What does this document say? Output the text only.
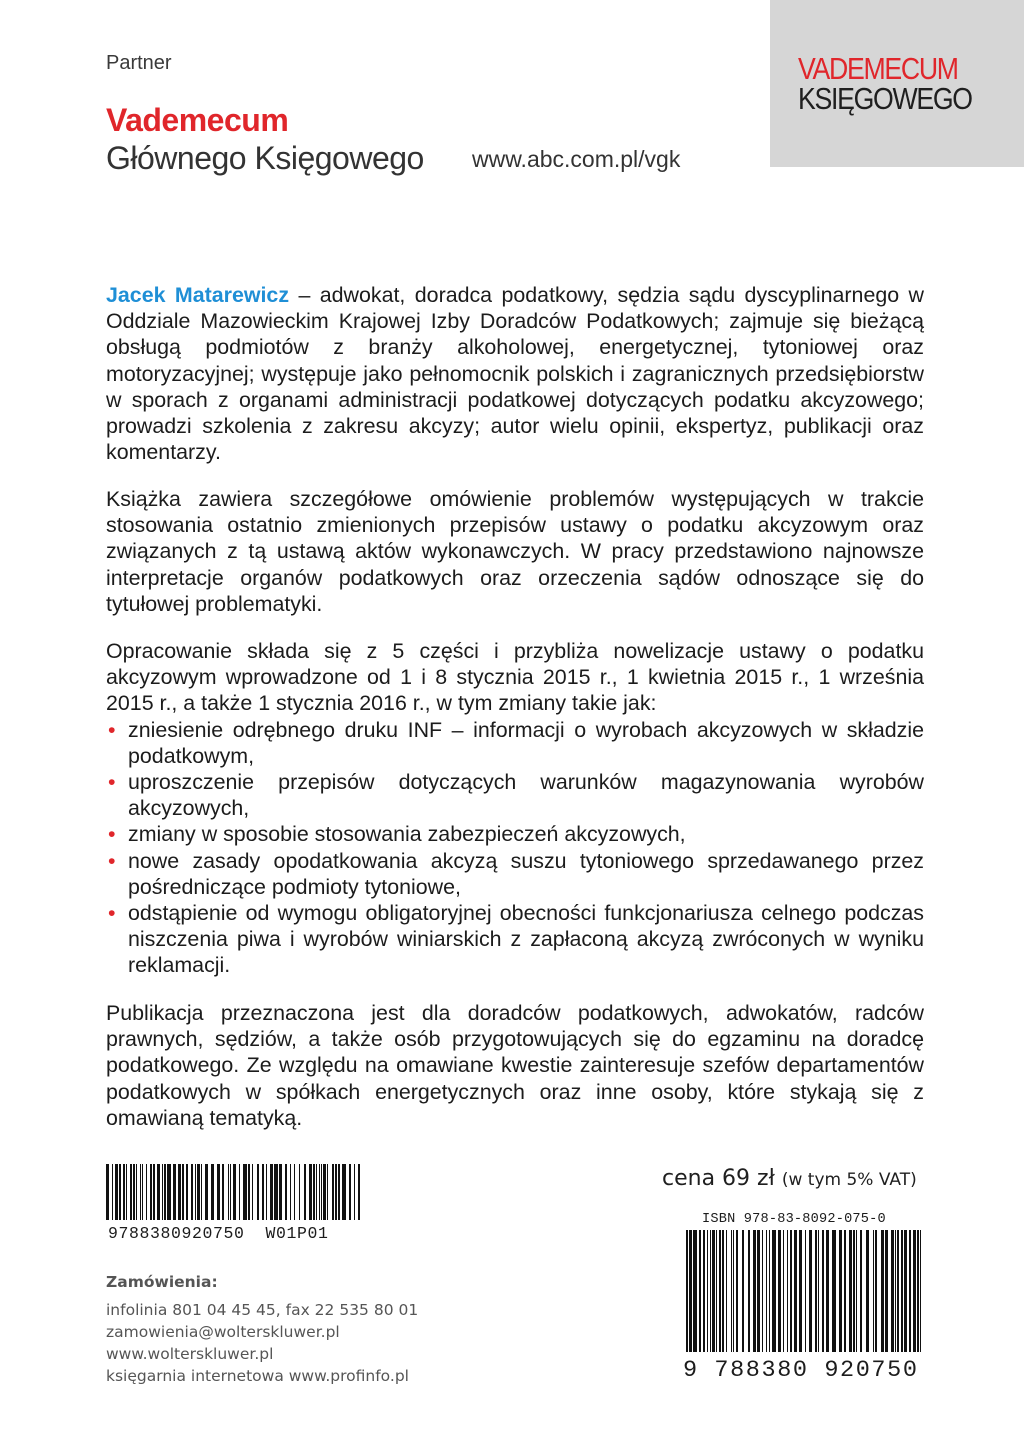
Partner
Vademecum
Głównego Księgowego www.abc.com.pl/vgk
VADEMECUM
KSIĘGOWEGO
Jacek Matarewicz – adwokat, doradca podatkowy, sędzia sądu dyscyplinarnego w Oddziale Mazowieckim Krajowej Izby Doradców Podatkowych; zajmuje się bieżącą obsługą podmiotów z branży alkoholowej, energetycznej, tytoniowej oraz motoryzacyjnej; występuje jako pełnomocnik polskich i zagranicznych przedsiębiorstw w sporach z organami administracji podatkowej dotyczących podatku akcyzowego; prowadzi szkolenia z zakresu akcyzy; autor wielu opinii, ekspertyz, publikacji oraz komentarzy.
Książka zawiera szczegółowe omówienie problemów występujących w trakcie stosowania ostatnio zmienionych przepisów ustawy o podatku akcyzowym oraz związanych z tą ustawą aktów wykonawczych. W pracy przedstawiono najnowsze interpretacje organów podatkowych oraz orzeczenia sądów odnoszące się do tytułowej problematyki.
Opracowanie składa się z 5 części i przybliża nowelizacje ustawy o podatku akcyzowym wprowadzone od 1 i 8 stycznia 2015 r., 1 kwietnia 2015 r., 1 września 2015 r., a także 1 stycznia 2016 r., w tym zmiany takie jak:
• zniesienie odrębnego druku INF – informacji o wyrobach akcyzowych w składzie podatkowym,
• uproszczenie przepisów dotyczących warunków magazynowania wyrobów akcyzowych,
• zmiany w sposobie stosowania zabezpieczeń akcyzowych,
• nowe zasady opodatkowania akcyzą suszu tytoniowego sprzedawanego przez pośredniczące podmioty tytoniowe,
• odstąpienie od wymogu obligatoryjnej obecności funkcjonariusza celnego podczas niszczenia piwa i wyrobów winiarskich z zapłaconą akcyzą zwróconych w wyniku reklamacji.
Publikacja przeznaczona jest dla doradców podatkowych, adwokatów, radców prawnych, sędziów, a także osób przygotowujących się do egzaminu na doradcę podatkowego. Ze względu na omawiane kwestie zainteresuje szefów departamentów podatkowych w spółkach energetycznych oraz inne osoby, które stykają się z omawianą tematyką.
cena 69 zł (w tym 5% VAT)
9788380920750  W01P01
ISBN 978-83-8092-075-0
9 788380 920750
Zamówienia:
infolinia 801 04 45 45, fax 22 535 80 01
zamowienia@wolterskluwer.pl
www.wolterskluwer.pl
księgarnia internetowa www.profinfo.pl
